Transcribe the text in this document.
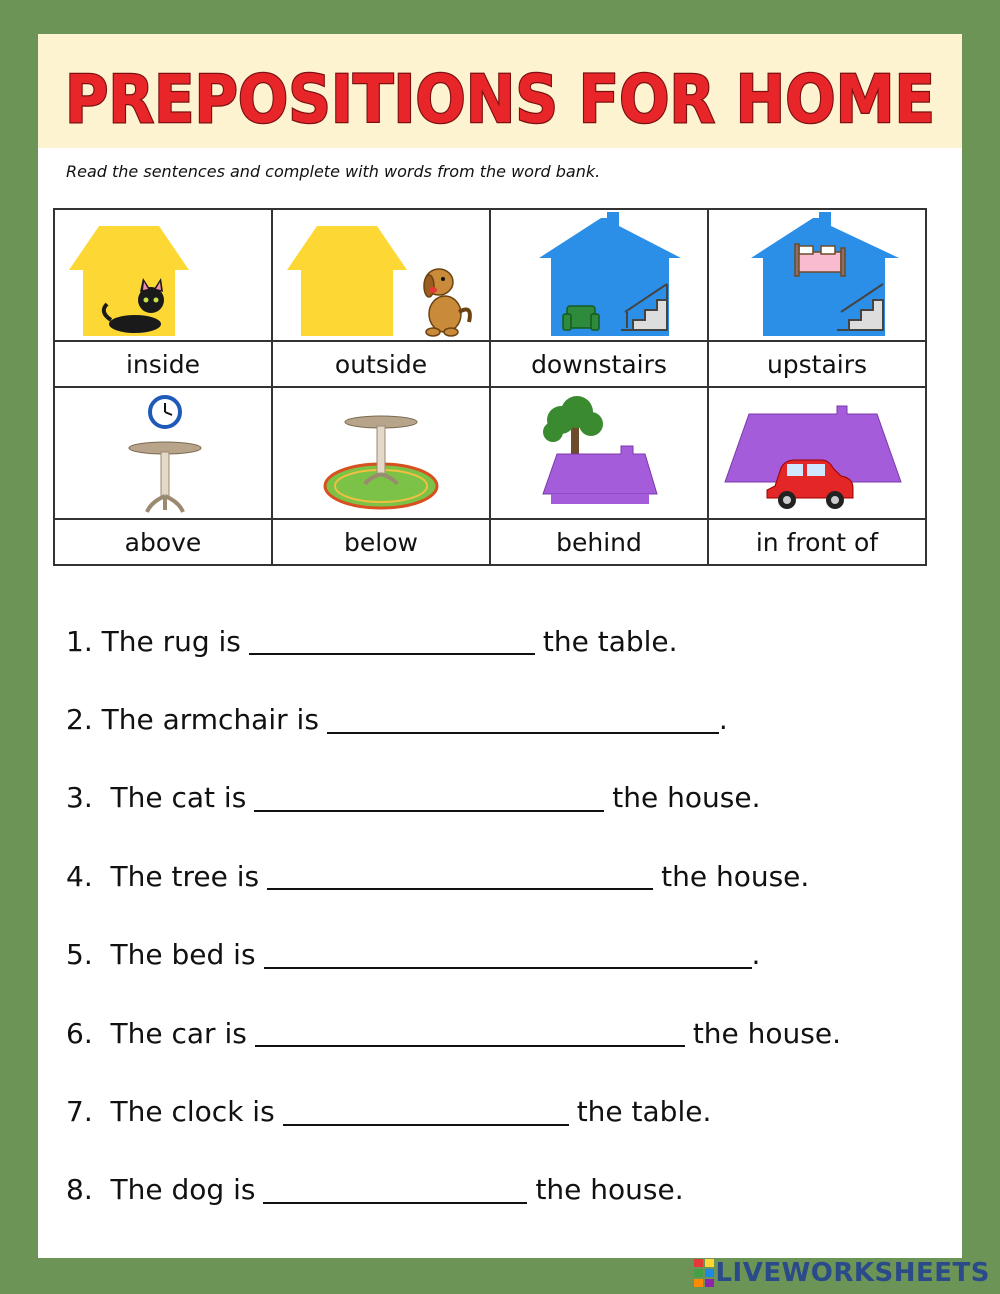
PREPOSITIONS FOR HOME
Read the sentences and complete with words from the word bank.

inside	outside	downstairs	upstairs

above	below	behind	in front of
1. The rug is	the table.
2. The armchair is	.
3.  The cat is	the house.
4.  The tree is	the house.
5.  The bed is	.
6.  The car is	the house.
7.  The clock is	the table.
8.  The dog is	the house.
LIVEWORKSHEETS
